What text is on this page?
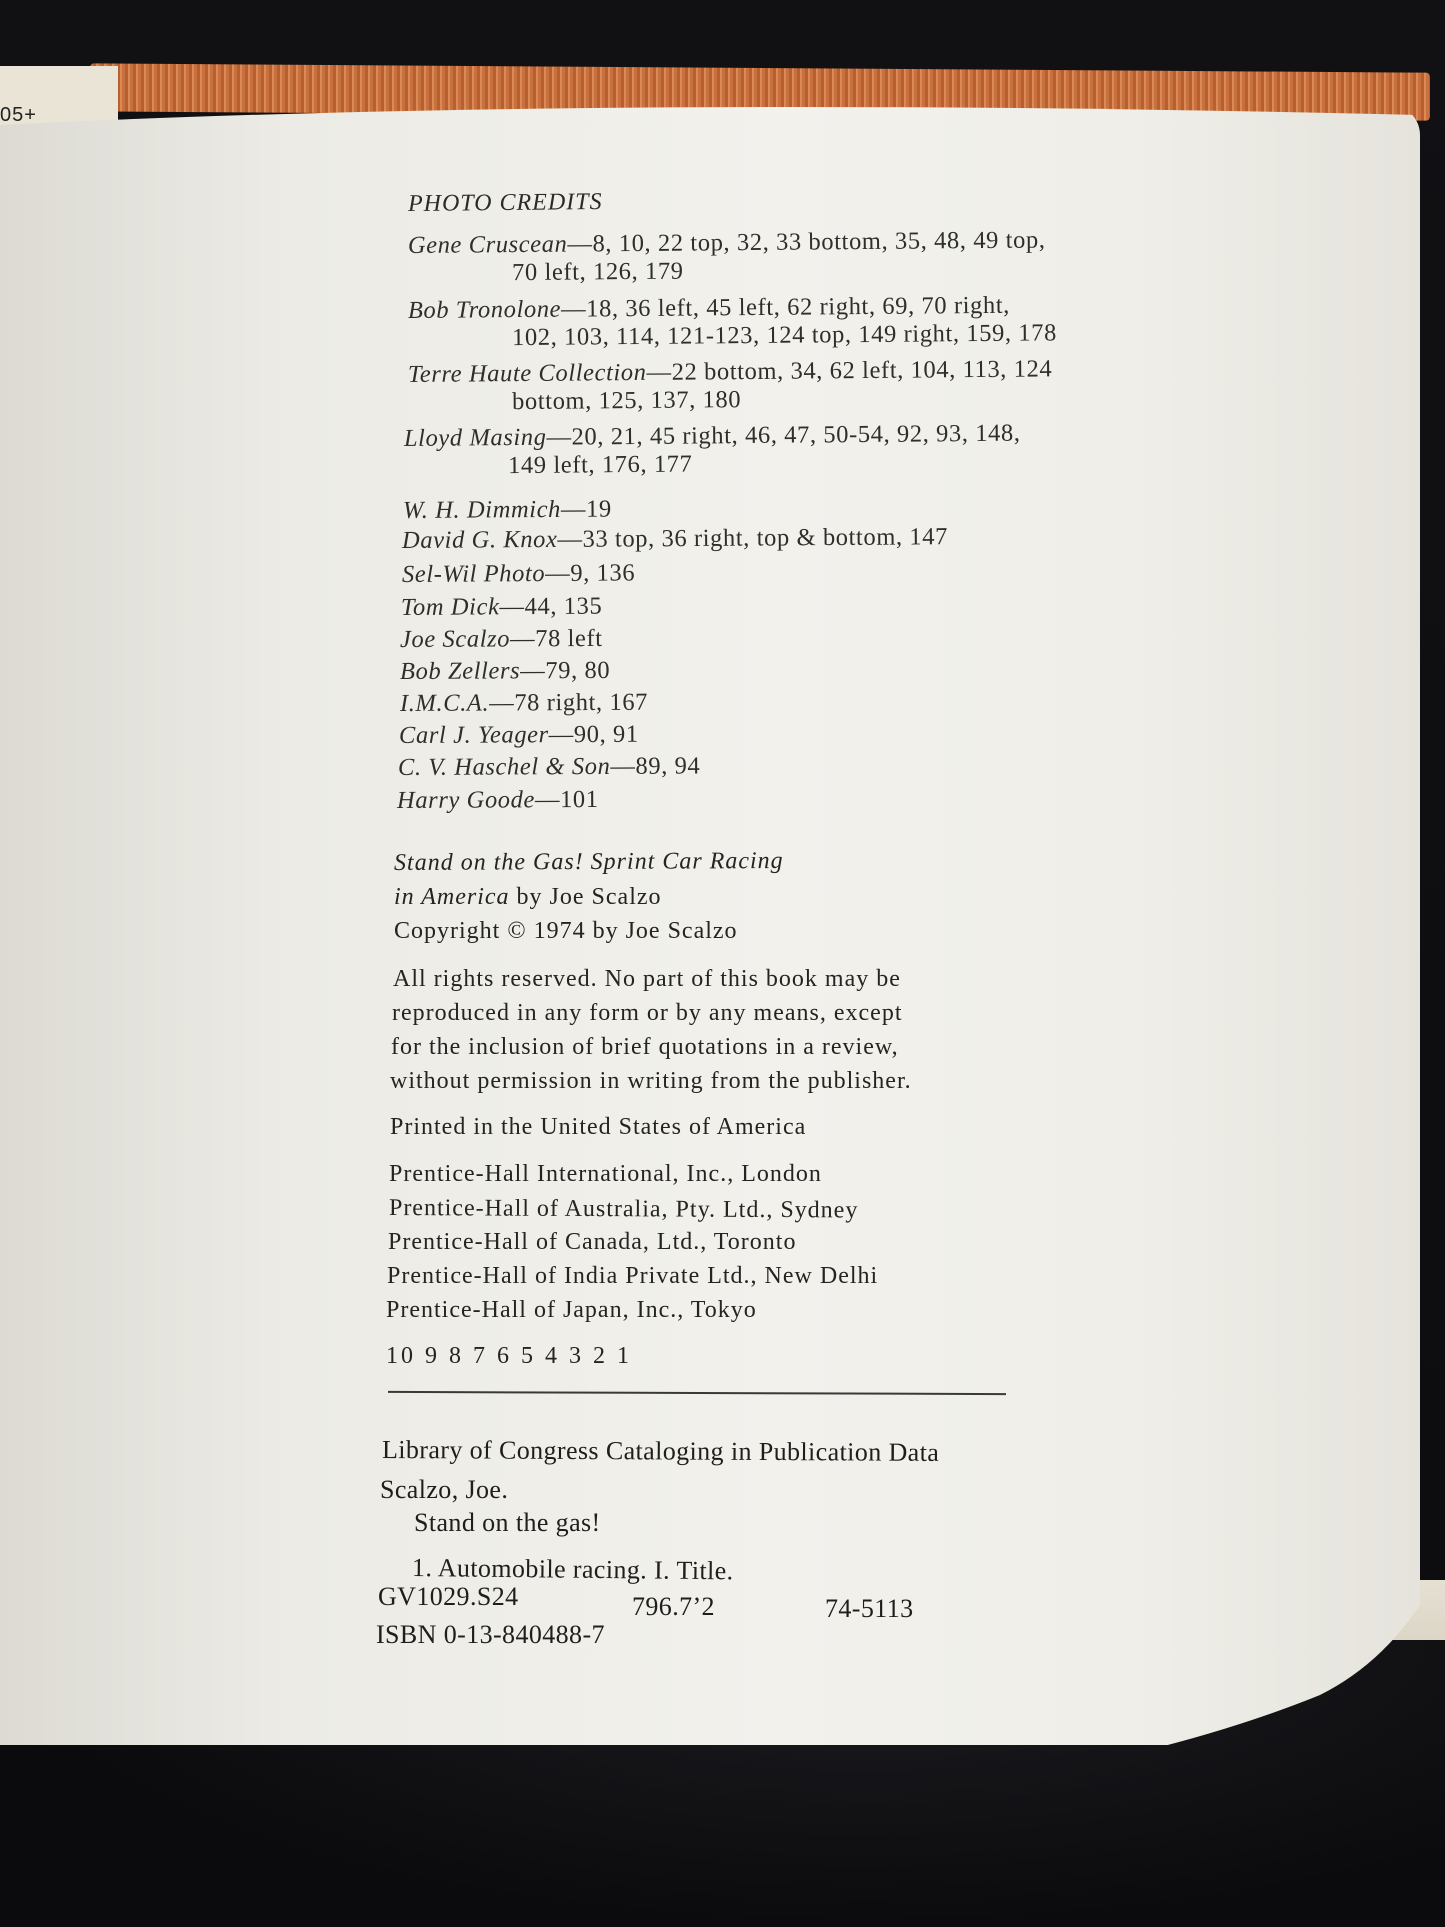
05+
PHOTO CREDITS
Gene Cruscean—8, 10, 22 top, 32, 33 bottom, 35, 48, 49 top,
70 left, 126, 179
Bob Tronolone—18, 36 left, 45 left, 62 right, 69, 70 right,
102, 103, 114, 121-123, 124 top, 149 right, 159, 178
Terre Haute Collection—22 bottom, 34, 62 left, 104, 113, 124
bottom, 125, 137, 180
Lloyd Masing—20, 21, 45 right, 46, 47, 50-54, 92, 93, 148,
149 left, 176, 177
W. H. Dimmich—19
David G. Knox—33 top, 36 right, top & bottom, 147
Sel-Wil Photo—9, 136
Tom Dick—44, 135
Joe Scalzo—78 left
Bob Zellers—79, 80
I.M.C.A.—78 right, 167
Carl J. Yeager—90, 91
C. V. Haschel & Son—89, 94
Harry Goode—101
Stand on the Gas! Sprint Car Racing
in America by Joe Scalzo
Copyright © 1974 by Joe Scalzo
All rights reserved. No part of this book may be
reproduced in any form or by any means, except
for the inclusion of brief quotations in a review,
without permission in writing from the publisher.
Printed in the United States of America
Prentice-Hall International, Inc., London
Prentice-Hall of Australia, Pty. Ltd., Sydney
Prentice-Hall of Canada, Ltd., Toronto
Prentice-Hall of India Private Ltd., New Delhi
Prentice-Hall of Japan, Inc., Tokyo
10 9 8 7 6 5 4 3 2 1
Library of Congress Cataloging in Publication Data
Scalzo, Joe.
Stand on the gas!
1. Automobile racing. I. Title.
GV1029.S24	796.7’2	74-5113
ISBN 0-13-840488-7
